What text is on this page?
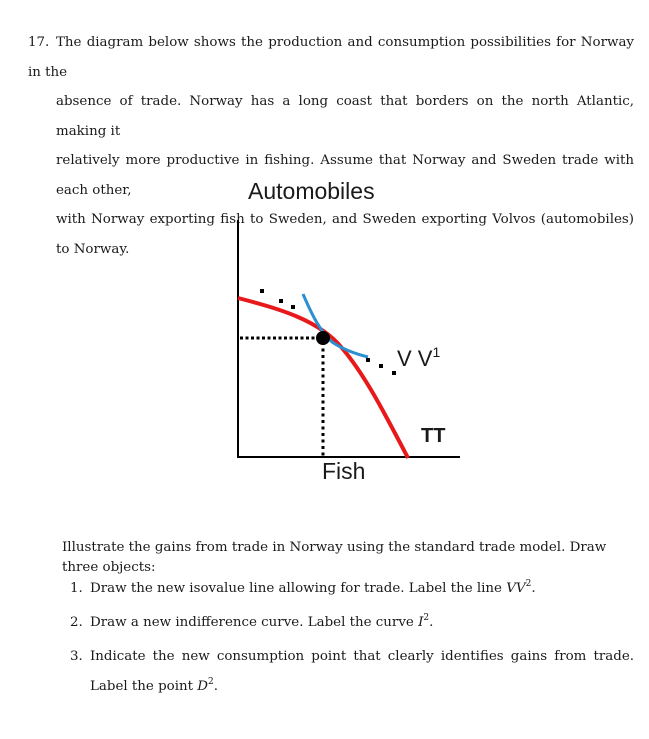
17. The diagram below shows the production and consumption possibilities for Norway in the
absence of trade. Norway has a long coast that borders on the north Atlantic, making it
relatively more productive in fishing. Assume that Norway and Sweden trade with each other,
with Norway exporting fish to Sweden, and Sweden exporting Volvos (automobiles) to Norway.
Automobiles
Fish
V $V^1$
TT
Illustrate the gains from trade in Norway using the standard trade model. Draw three objects:
1. Draw the new isovalue line allowing for trade. Label the line $VV^2$.
2. Draw a new indifference curve. Label the curve $I^2$.
3. Indicate the new consumption point that clearly identifies gains from trade. Label the point $D^2$.
